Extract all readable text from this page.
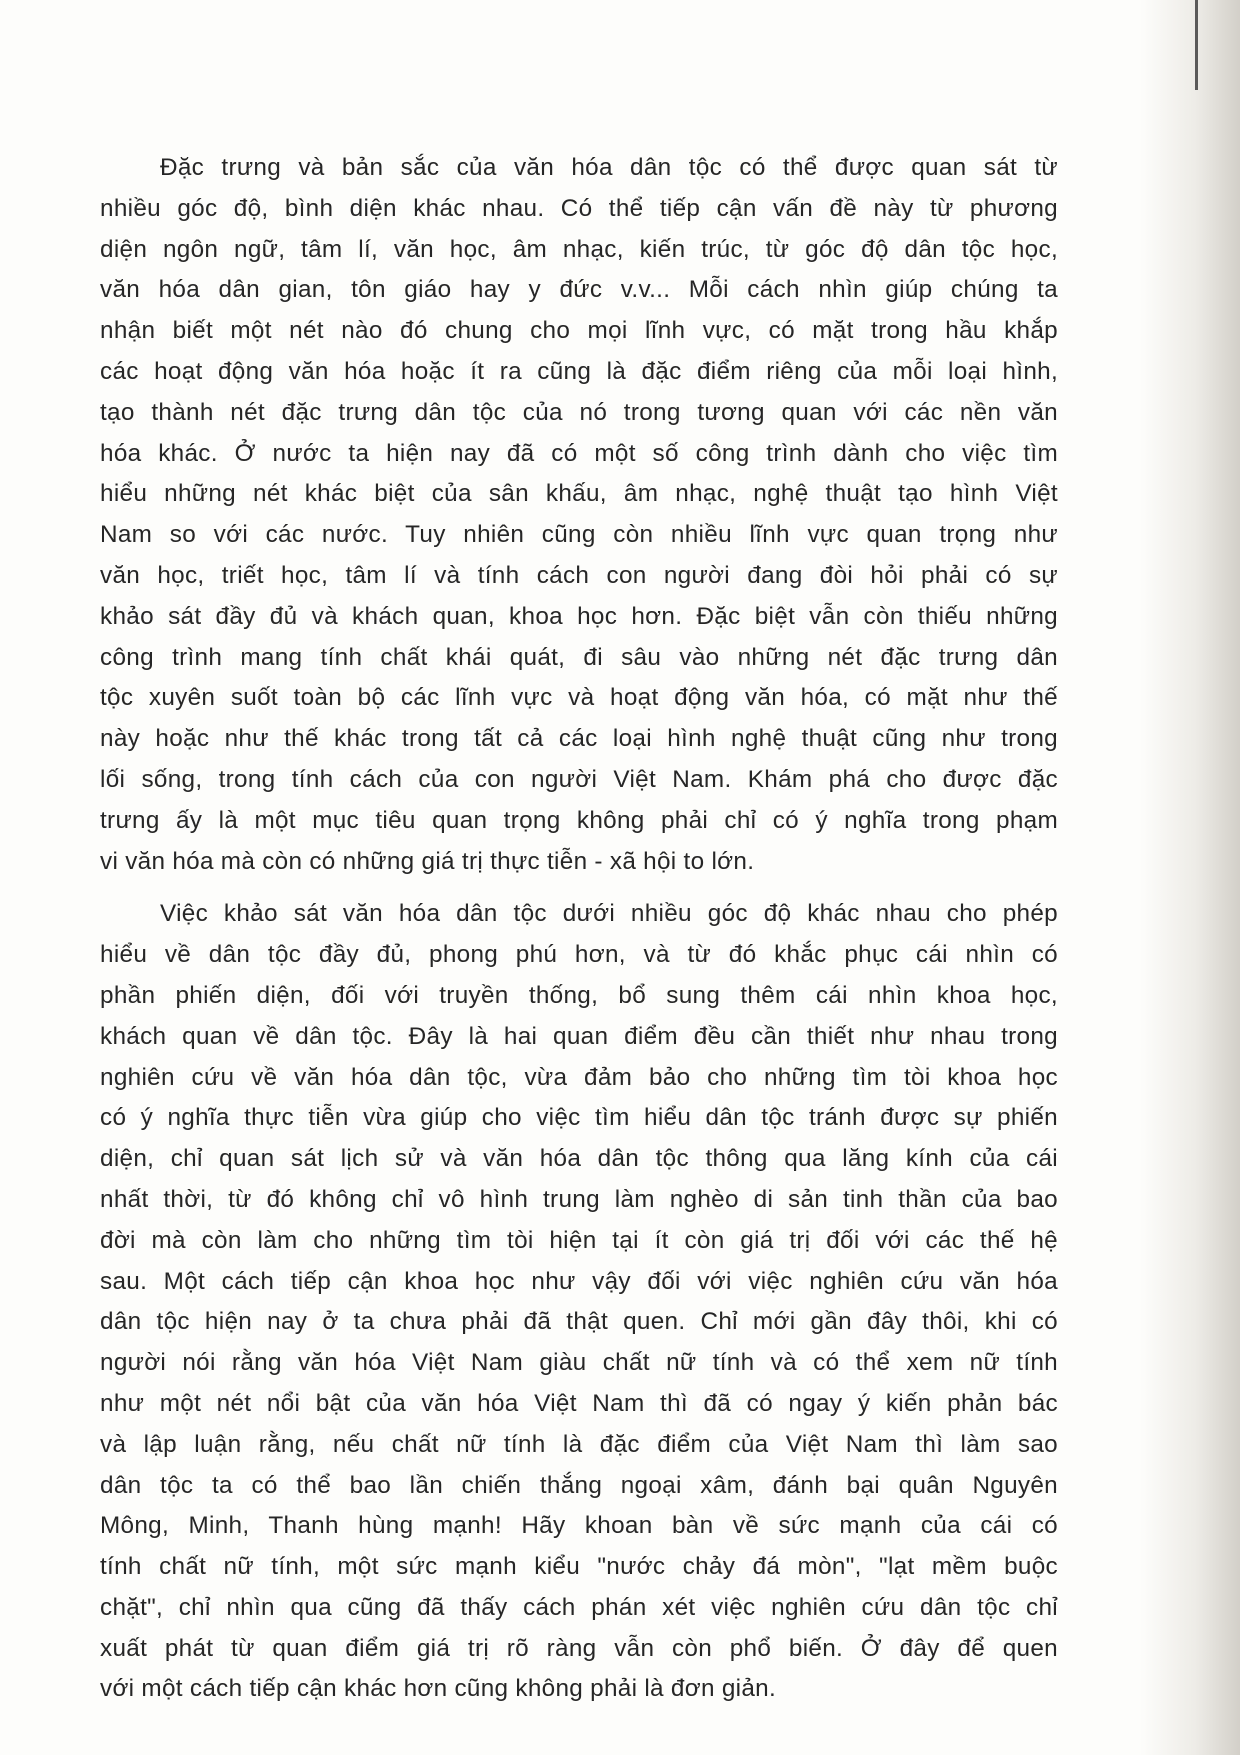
Đặc trưng và bản sắc của văn hóa dân tộc có thể được quan sát từ
nhiều góc độ, bình diện khác nhau. Có thể tiếp cận vấn đề này từ phương
diện ngôn ngữ, tâm lí, văn học, âm nhạc, kiến trúc, từ góc độ dân tộc học,
văn hóa dân gian, tôn giáo hay y đức v.v... Mỗi cách nhìn giúp chúng ta
nhận biết một nét nào đó chung cho mọi lĩnh vực, có mặt trong hầu khắp
các hoạt động văn hóa hoặc ít ra cũng là đặc điểm riêng của mỗi loại hình,
tạo thành nét đặc trưng dân tộc của nó trong tương quan với các nền văn
hóa khác. Ở nước ta hiện nay đã có một số công trình dành cho việc tìm
hiểu những nét khác biệt của sân khấu, âm nhạc, nghệ thuật tạo hình Việt
Nam so với các nước. Tuy nhiên cũng còn nhiều lĩnh vực quan trọng như
văn học, triết học, tâm lí và tính cách con người đang đòi hỏi phải có sự
khảo sát đầy đủ và khách quan, khoa học hơn. Đặc biệt vẫn còn thiếu những
công trình mang tính chất khái quát, đi sâu vào những nét đặc trưng dân
tộc xuyên suốt toàn bộ các lĩnh vực và hoạt động văn hóa, có mặt như thế
này hoặc như thế khác trong tất cả các loại hình nghệ thuật cũng như trong
lối sống, trong tính cách của con người Việt Nam. Khám phá cho được đặc
trưng ấy là một mục tiêu quan trọng không phải chỉ có ý nghĩa trong phạm
vi văn hóa mà còn có những giá trị thực tiễn - xã hội to lớn.
Việc khảo sát văn hóa dân tộc dưới nhiều góc độ khác nhau cho phép
hiểu về dân tộc đầy đủ, phong phú hơn, và từ đó khắc phục cái nhìn có
phần phiến diện, đối với truyền thống, bổ sung thêm cái nhìn khoa học,
khách quan về dân tộc. Đây là hai quan điểm đều cần thiết như nhau trong
nghiên cứu về văn hóa dân tộc, vừa đảm bảo cho những tìm tòi khoa học
có ý nghĩa thực tiễn vừa giúp cho việc tìm hiểu dân tộc tránh được sự phiến
diện, chỉ quan sát lịch sử và văn hóa dân tộc thông qua lăng kính của cái
nhất thời, từ đó không chỉ vô hình trung làm nghèo di sản tinh thần của bao
đời mà còn làm cho những tìm tòi hiện tại ít còn giá trị đối với các thế hệ
sau. Một cách tiếp cận khoa học như vậy đối với việc nghiên cứu văn hóa
dân tộc hiện nay ở ta chưa phải đã thật quen. Chỉ mới gần đây thôi, khi có
người nói rằng văn hóa Việt Nam giàu chất nữ tính và có thể xem nữ tính
như một nét nổi bật của văn hóa Việt Nam thì đã có ngay ý kiến phản bác
và lập luận rằng, nếu chất nữ tính là đặc điểm của Việt Nam thì làm sao
dân tộc ta có thể bao lần chiến thắng ngoại xâm, đánh bại quân Nguyên
Mông, Minh, Thanh hùng mạnh! Hãy khoan bàn về sức mạnh của cái có
tính chất nữ tính, một sức mạnh kiểu "nước chảy đá mòn", "lạt mềm buộc
chặt", chỉ nhìn qua cũng đã thấy cách phán xét việc nghiên cứu dân tộc chỉ
xuất phát từ quan điểm giá trị rõ ràng vẫn còn phổ biến. Ở đây để quen
với một cách tiếp cận khác hơn cũng không phải là đơn giản.
